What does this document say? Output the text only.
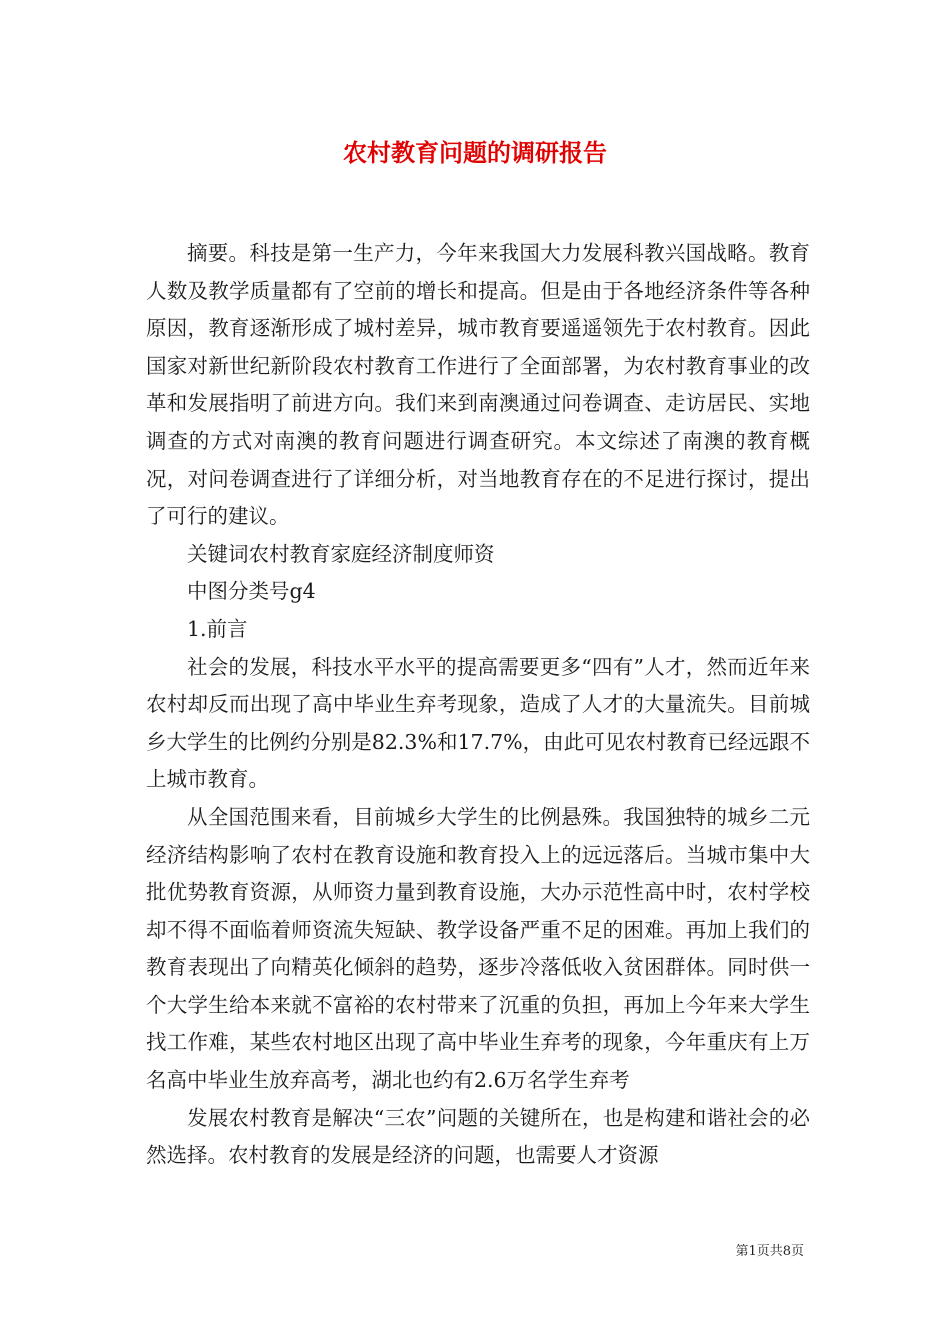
农村教育问题的调研报告

摘要。科技是第一生产力，今年来我国大力发展科教兴国战略。教育人数及教学质量都有了空前的增长和提高。但是由于各地经济条件等各种原因，教育逐渐形成了城村差异，城市教育要遥遥领先于农村教育。因此国家对新世纪新阶段农村教育工作进行了全面部署，为农村教育事业的改革和发展指明了前进方向。我们来到南澳通过问卷调查、走访居民、实地调查的方式对南澳的教育问题进行调查研究。本文综述了南澳的教育概况，对问卷调查进行了详细分析，对当地教育存在的不足进行探讨，提出了可行的建议。

关键词农村教育家庭经济制度师资

中图分类号g4

1.前言

社会的发展，科技水平水平的提高需要更多“四有”人才，然而近年来农村却反而出现了高中毕业生弃考现象，造成了人才的大量流失。目前城乡大学生的比例约分别是82.3%和17.7%，由此可见农村教育已经远跟不上城市教育。

从全国范围来看，目前城乡大学生的比例悬殊。我国独特的城乡二元经济结构影响了农村在教育设施和教育投入上的远远落后。当城市集中大批优势教育资源，从师资力量到教育设施，大办示范性高中时，农村学校却不得不面临着师资流失短缺、教学设备严重不足的困难。再加上我们的教育表现出了向精英化倾斜的趋势，逐步冷落低收入贫困群体。同时供一个大学生给本来就不富裕的农村带来了沉重的负担，再加上今年来大学生找工作难，某些农村地区出现了高中毕业生弃考的现象，今年重庆有上万名高中毕业生放弃高考，湖北也约有2.6万名学生弃考

发展农村教育是解决“三农”问题的关键所在，也是构建和谐社会的必然选择。农村教育的发展是经济的问题，也需要人才资源

第1页共8页
